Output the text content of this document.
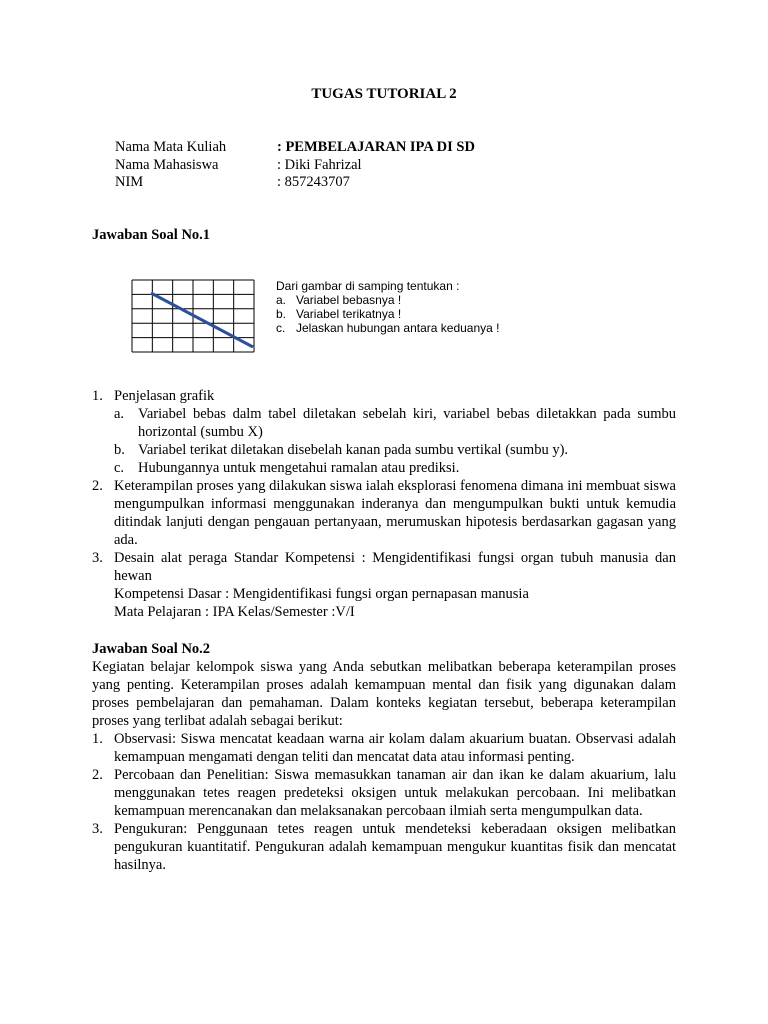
TUGAS TUTORIAL 2
Nama Mata Kuliah	: PEMBELAJARAN IPA DI SD
Nama Mahasiswa	: Diki Fahrizal
NIM	: 857243707
Jawaban Soal No.1
Dari gambar di samping tentukan :
a. Variabel bebasnya !
b. Variabel terikatnya !
c. Jelaskan hubungan antara keduanya !
1. Penjelasan grafik
a. Variabel bebas dalm tabel diletakan sebelah kiri, variabel bebas diletakkan pada sumbu horizontal (sumbu X)
b. Variabel terikat diletakan disebelah kanan pada sumbu vertikal (sumbu y).
c. Hubungannya untuk mengetahui ramalan atau prediksi.
2. Keterampilan proses yang dilakukan siswa ialah eksplorasi fenomena dimana ini membuat siswa mengumpulkan informasi menggunakan inderanya dan mengumpulkan bukti untuk kemudia ditindak lanjuti dengan pengauan pertanyaan, merumuskan hipotesis berdasarkan gagasan yang ada.
3. Desain alat peraga Standar Kompetensi : Mengidentifikasi fungsi organ tubuh manusia dan hewan
Kompetensi Dasar : Mengidentifikasi fungsi organ pernapasan manusia
Mata Pelajaran : IPA Kelas/Semester :V/I
Jawaban Soal No.2

Kegiatan belajar kelompok siswa yang Anda sebutkan melibatkan beberapa keterampilan proses yang penting. Keterampilan proses adalah kemampuan mental dan fisik yang digunakan dalam proses pembelajaran dan pemahaman. Dalam konteks kegiatan tersebut, beberapa keterampilan proses yang terlibat adalah sebagai berikut:

1. Observasi: Siswa mencatat keadaan warna air kolam dalam akuarium buatan. Observasi adalah kemampuan mengamati dengan teliti dan mencatat data atau informasi penting.
2. Percobaan dan Penelitian: Siswa memasukkan tanaman air dan ikan ke dalam akuarium, lalu menggunakan tetes reagen predeteksi oksigen untuk melakukan percobaan. Ini melibatkan kemampuan merencanakan dan melaksanakan percobaan ilmiah serta mengumpulkan data.
3. Pengukuran: Penggunaan tetes reagen untuk mendeteksi keberadaan oksigen melibatkan pengukuran kuantitatif. Pengukuran adalah kemampuan mengukur kuantitas fisik dan mencatat hasilnya.
